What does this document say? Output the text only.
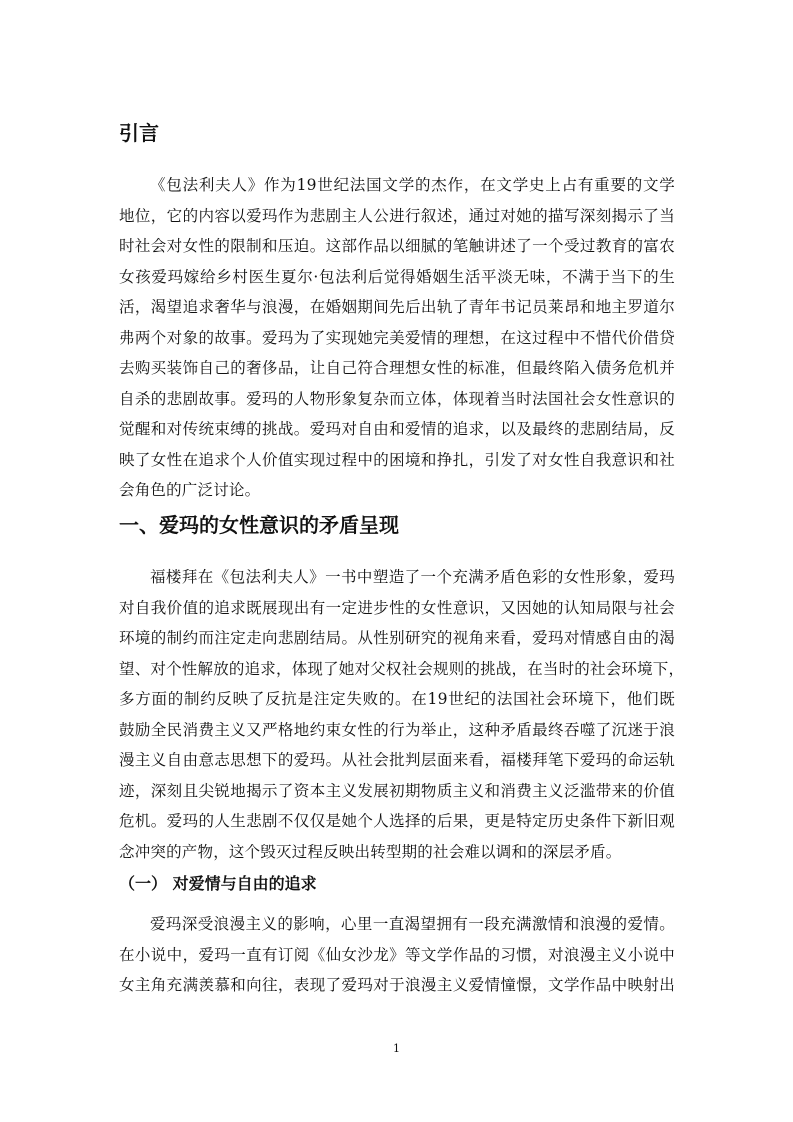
引言
《包法利夫人》作为19世纪法国文学的杰作，在文学史上占有重要的文学
地位，它的内容以爱玛作为悲剧主人公进行叙述，通过对她的描写深刻揭示了当
时社会对女性的限制和压迫。这部作品以细腻的笔触讲述了一个受过教育的富农
女孩爱玛嫁给乡村医生夏尔·包法利后觉得婚姻生活平淡无味，不满于当下的生
活，渴望追求奢华与浪漫，在婚姻期间先后出轨了青年书记员莱昂和地主罗道尔
弗两个对象的故事。爱玛为了实现她完美爱情的理想，在这过程中不惜代价借贷
去购买装饰自己的奢侈品，让自己符合理想女性的标准，但最终陷入债务危机并
自杀的悲剧故事。爱玛的人物形象复杂而立体，体现着当时法国社会女性意识的
觉醒和对传统束缚的挑战。爱玛对自由和爱情的追求，以及最终的悲剧结局，反
映了女性在追求个人价值实现过程中的困境和挣扎，引发了对女性自我意识和社
会角色的广泛讨论。
一、爱玛的女性意识的矛盾呈现
福楼拜在《包法利夫人》一书中塑造了一个充满矛盾色彩的女性形象，爱玛
对自我价值的追求既展现出有一定进步性的女性意识，又因她的认知局限与社会
环境的制约而注定走向悲剧结局。从性别研究的视角来看，爱玛对情感自由的渴
望、对个性解放的追求，体现了她对父权社会规则的挑战，在当时的社会环境下，
多方面的制约反映了反抗是注定失败的。在19世纪的法国社会环境下，他们既
鼓励全民消费主义又严格地约束女性的行为举止，这种矛盾最终吞噬了沉迷于浪
漫主义自由意志思想下的爱玛。从社会批判层面来看，福楼拜笔下爱玛的命运轨
迹，深刻且尖锐地揭示了资本主义发展初期物质主义和消费主义泛滥带来的价值
危机。爱玛的人生悲剧不仅仅是她个人选择的后果，更是特定历史条件下新旧观
念冲突的产物，这个毁灭过程反映出转型期的社会难以调和的深层矛盾。
（一） 对爱情与自由的追求
爱玛深受浪漫主义的影响，心里一直渴望拥有一段充满激情和浪漫的爱情。
在小说中，爱玛一直有订阅《仙女沙龙》等文学作品的习惯，对浪漫主义小说中
女主角充满羡慕和向往，表现了爱玛对于浪漫主义爱情憧憬，文学作品中映射出
1
